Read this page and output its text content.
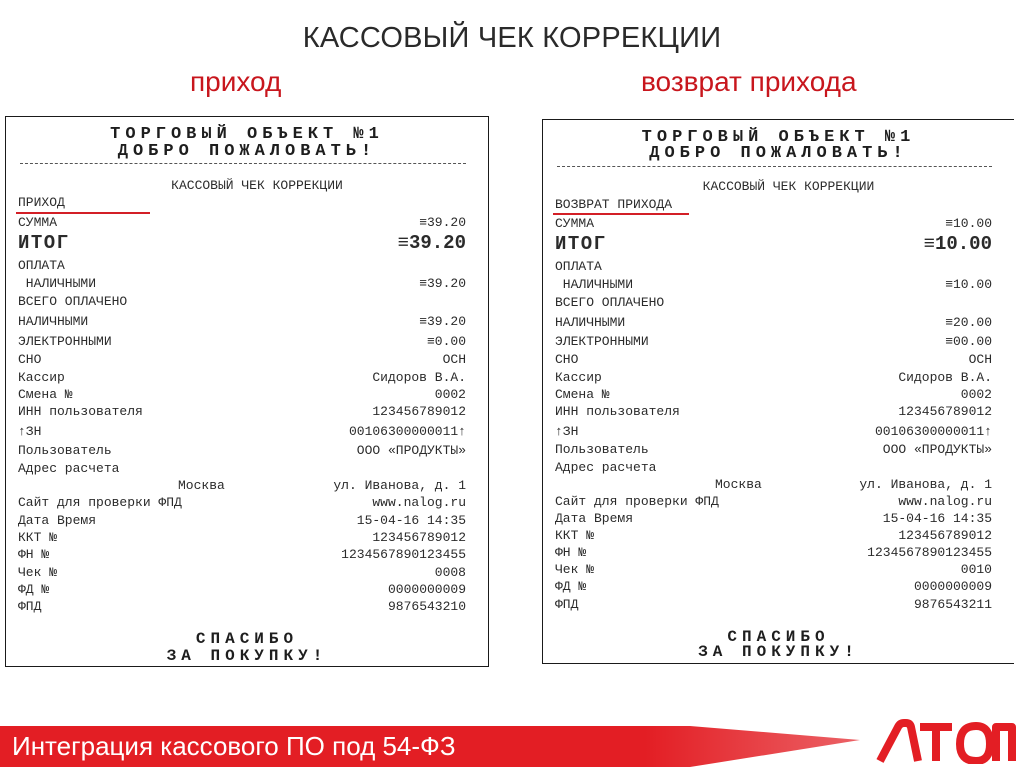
КАССОВЫЙ ЧЕК КОРРЕКЦИИ
приход	возврат прихода
ТОРГОВЫЙ ОБЪЕКТ №1
ДОБРО ПОЖАЛОВАТЬ!
КАССОВЫЙ ЧЕК КОРРЕКЦИИ
ПРИХОД
СУММА	≡39.20
ИТОГ	≡39.20
ОПЛАТА
НАЛИЧНЫМИ	≡39.20
ВСЕГО ОПЛАЧЕНО
НАЛИЧНЫМИ	≡39.20
ЭЛЕКТРОННЫМИ	≡0.00
СНО	ОСН
Кассир	Сидоров В.А.
Смена №	0002
ИНН пользователя	123456789012
↑ЗН	00106300000011↑
Пользователь	ООО «ПРОДУКТЫ»
Адрес расчета
Москва	ул. Иванова, д. 1
Сайт для проверки ФПД	www.nalog.ru
Дата Время	15-04-16 14:35
ККТ №	123456789012
ФН №	1234567890123455
Чек №	0008
ФД №	0000000009
ФПД	9876543210
СПАСИБО
ЗА ПОКУПКУ!
ТОРГОВЫЙ ОБЪЕКТ №1
ДОБРО ПОЖАЛОВАТЬ!
КАССОВЫЙ ЧЕК КОРРЕКЦИИ
ВОЗВРАТ ПРИХОДА
СУММА	≡10.00
ИТОГ	≡10.00
ОПЛАТА
НАЛИЧНЫМИ	≡10.00
ВСЕГО ОПЛАЧЕНО
НАЛИЧНЫМИ	≡20.00
ЭЛЕКТРОННЫМИ	≡00.00
СНО	ОСН
Кассир	Сидоров В.А.
Смена №	0002
ИНН пользователя	123456789012
↑ЗН	00106300000011↑
Пользователь	ООО «ПРОДУКТЫ»
Адрес расчета
Москва	ул. Иванова, д. 1
Сайт для проверки ФПД	www.nalog.ru
Дата Время	15-04-16 14:35
ККТ №	123456789012
ФН №	1234567890123455
Чек №	0010
ФД №	0000000009
ФПД	9876543211
СПАСИБО
ЗА ПОКУПКУ!
Интеграция кассового ПО под 54-ФЗ
